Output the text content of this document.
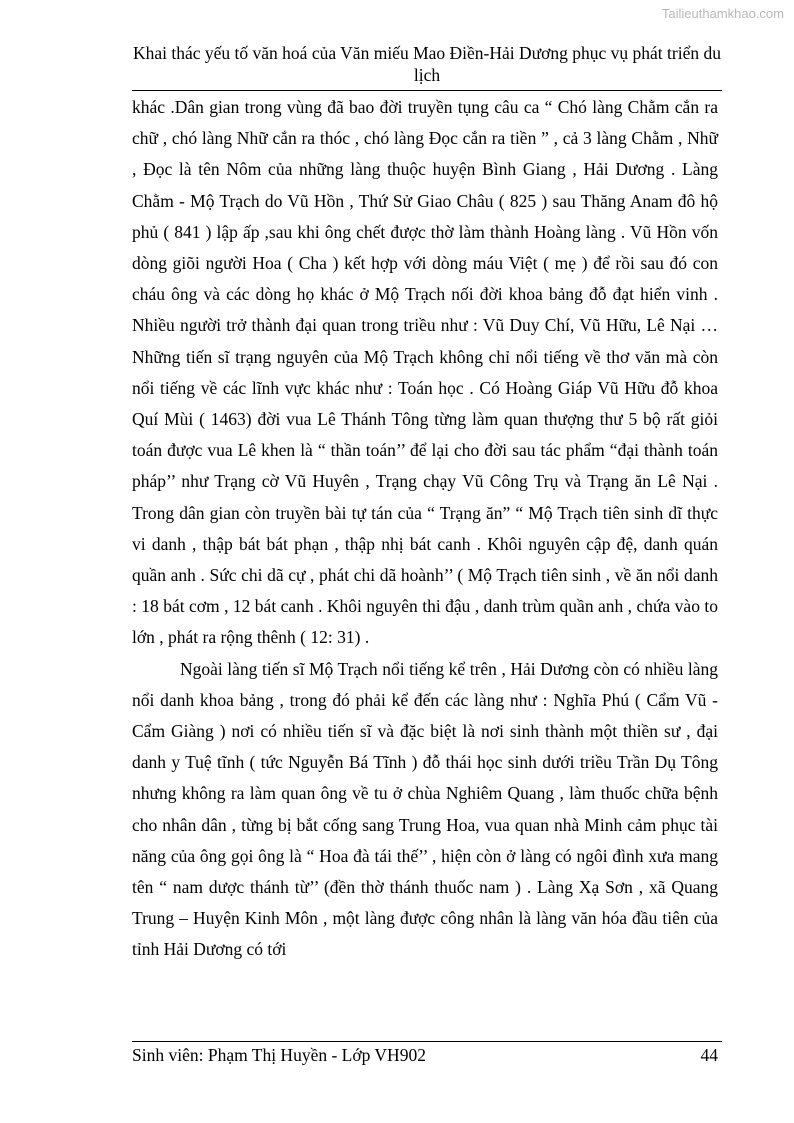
Tailieuthamkhao.com
Khai thác yếu tố văn hoá của Văn miếu Mao Điền-Hải Dương phục vụ phát triển du lịch

khác .Dân gian trong vùng đã bao đời truyền tụng câu ca “ Chó làng Chằm cắn ra chữ , chó làng Nhữ cắn ra thóc , chó làng Đọc cắn ra tiền ” , cả 3 làng Chằm , Nhữ , Đọc là tên Nôm của những làng thuộc huyện Bình Giang , Hải Dương . Làng Chằm - Mộ Trạch do Vũ Hồn , Thứ Sử Giao Châu ( 825 ) sau Thăng Anam đô hộ phủ ( 841 ) lập ấp ,sau khi ông chết được thờ làm thành Hoàng làng . Vũ Hồn vốn dòng giõi người Hoa ( Cha ) kết hợp với dòng máu Việt ( mẹ ) để rồi sau đó con cháu ông và các dòng họ khác ở Mộ Trạch nối đời khoa bảng đỗ đạt hiển vinh . Nhiều người trở thành đại quan trong triều như : Vũ Duy Chí, Vũ Hữu, Lê Nại … Những tiến sĩ trạng nguyên của Mộ Trạch không chỉ nổi tiếng về thơ văn mà còn nổi tiếng về các lĩnh vực khác như : Toán học . Có Hoàng Giáp Vũ Hữu đỗ khoa Quí Mùi ( 1463) đời vua Lê Thánh Tông từng làm quan thượng thư 5 bộ rất giỏi toán được vua Lê khen là “ thần toán’’ để lại cho đời sau tác phẩm “đại thành toán pháp’’ như Trạng cờ Vũ Huyên , Trạng chạy Vũ Công Trụ và Trạng ăn Lê Nại . Trong dân gian còn truyền bài tự tán của “ Trạng ăn” “ Mộ Trạch tiên sinh dĩ thực vi danh , thập bát bát phạn , thập nhị bát canh . Khôi nguyên cập đệ, danh quán quần anh . Sức chi dã cự , phát chi dã hoành’’ ( Mộ Trạch tiên sinh , về ăn nổi danh : 18 bát cơm , 12 bát canh . Khôi nguyên thi đậu , danh trùm quần anh , chứa vào to lớn , phát ra rộng thênh ( 12: 31) .

Ngoài làng tiến sĩ Mộ Trạch nổi tiếng kể trên , Hải Dương còn có nhiều làng nổi danh khoa bảng , trong đó phải kể đến các làng như : Nghĩa Phú ( Cẩm Vũ - Cẩm Giàng ) nơi có nhiều tiến sĩ và đặc biệt là nơi sinh thành một thiền sư , đại danh y Tuệ tĩnh ( tức Nguyễn Bá Tĩnh ) đỗ thái học sinh dưới triều Trần Dụ Tông nhưng không ra làm quan ông về tu ở chùa Nghiêm Quang , làm thuốc chữa bệnh cho nhân dân , từng bị bắt cống sang Trung Hoa, vua quan nhà Minh cảm phục tài năng của ông gọi ông là “ Hoa đà tái thế’’ , hiện còn ở làng có ngôi đình xưa mang tên “ nam dược thánh từ’’ (đền thờ thánh thuốc nam ) . Làng Xạ Sơn , xã Quang Trung – Huyện Kinh Môn , một làng được công nhân là làng văn hóa đầu tiên của tỉnh Hải Dương có tới

Sinh viên: Phạm Thị Huyền - Lớp VH902	44
